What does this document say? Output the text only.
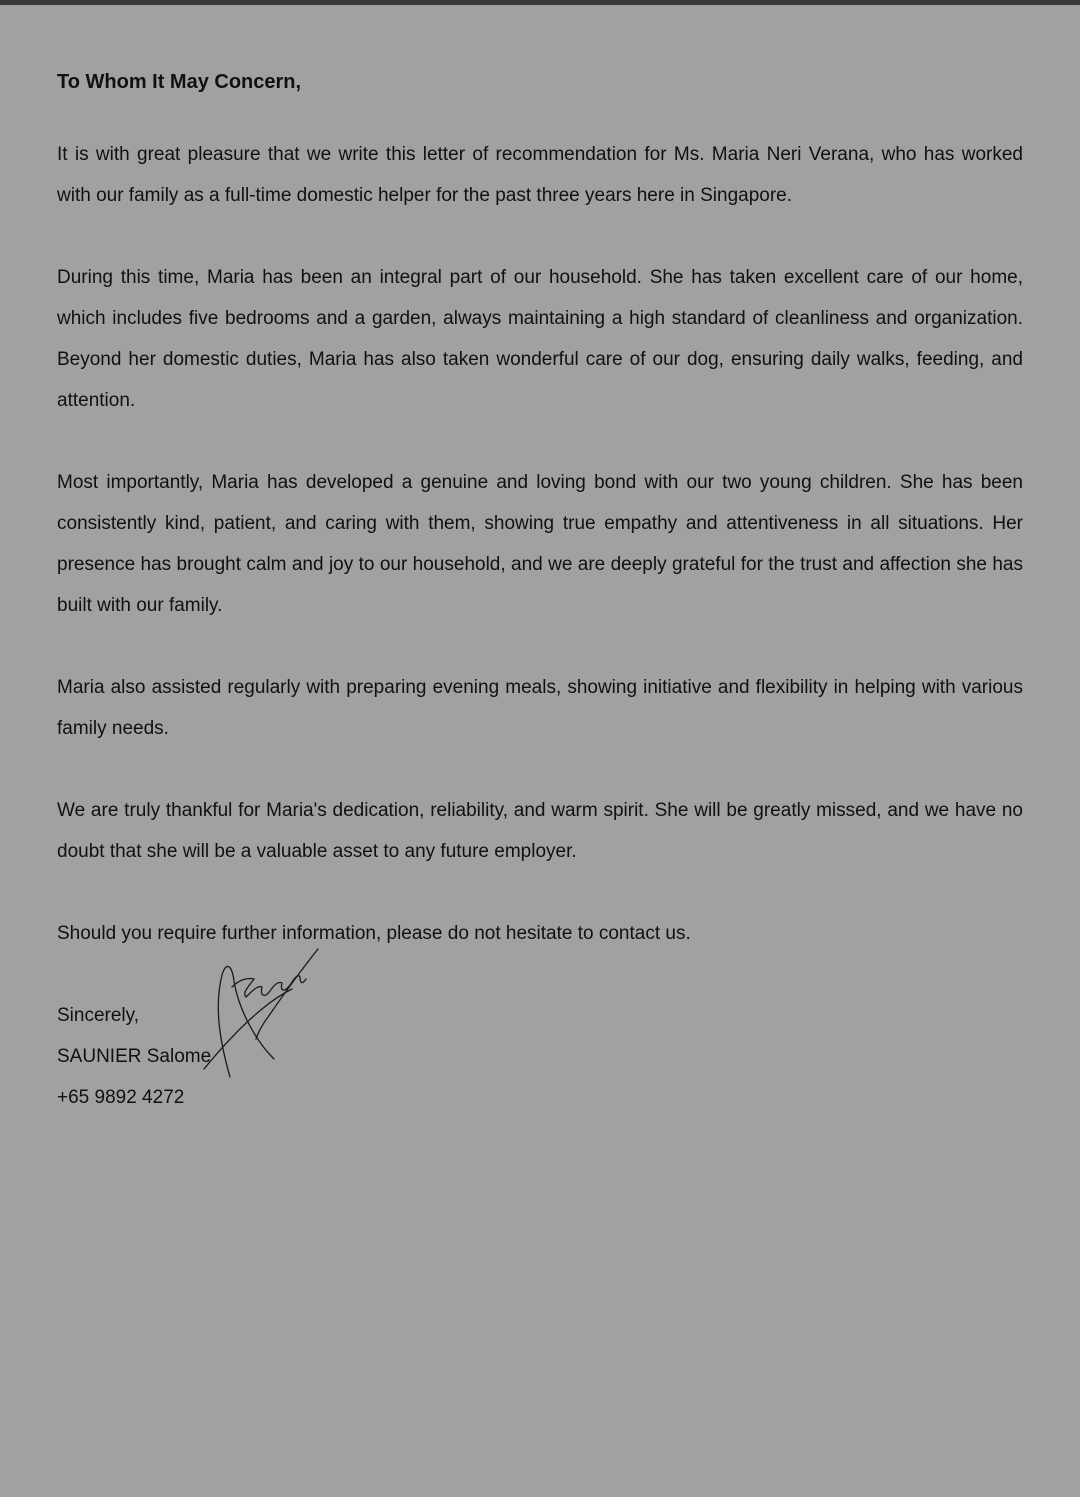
To Whom It May Concern,

It is with great pleasure that we write this letter of recommendation for Ms. Maria Neri Verana, who has worked with our family as a full-time domestic helper for the past three years here in Singapore.

During this time, Maria has been an integral part of our household. She has taken excellent care of our home, which includes five bedrooms and a garden, always maintaining a high standard of cleanliness and organization. Beyond her domestic duties, Maria has also taken wonderful care of our dog, ensuring daily walks, feeding, and attention.

Most importantly, Maria has developed a genuine and loving bond with our two young children. She has been consistently kind, patient, and caring with them, showing true empathy and attentiveness in all situations. Her presence has brought calm and joy to our household, and we are deeply grateful for the trust and affection she has built with our family.

Maria also assisted regularly with preparing evening meals, showing initiative and flexibility in helping with various family needs.

We are truly thankful for Maria's dedication, reliability, and warm spirit. She will be greatly missed, and we have no doubt that she will be a valuable asset to any future employer.

Should you require further information, please do not hesitate to contact us.

Sincerely,
SAUNIER Salome
+65 9892 4272
